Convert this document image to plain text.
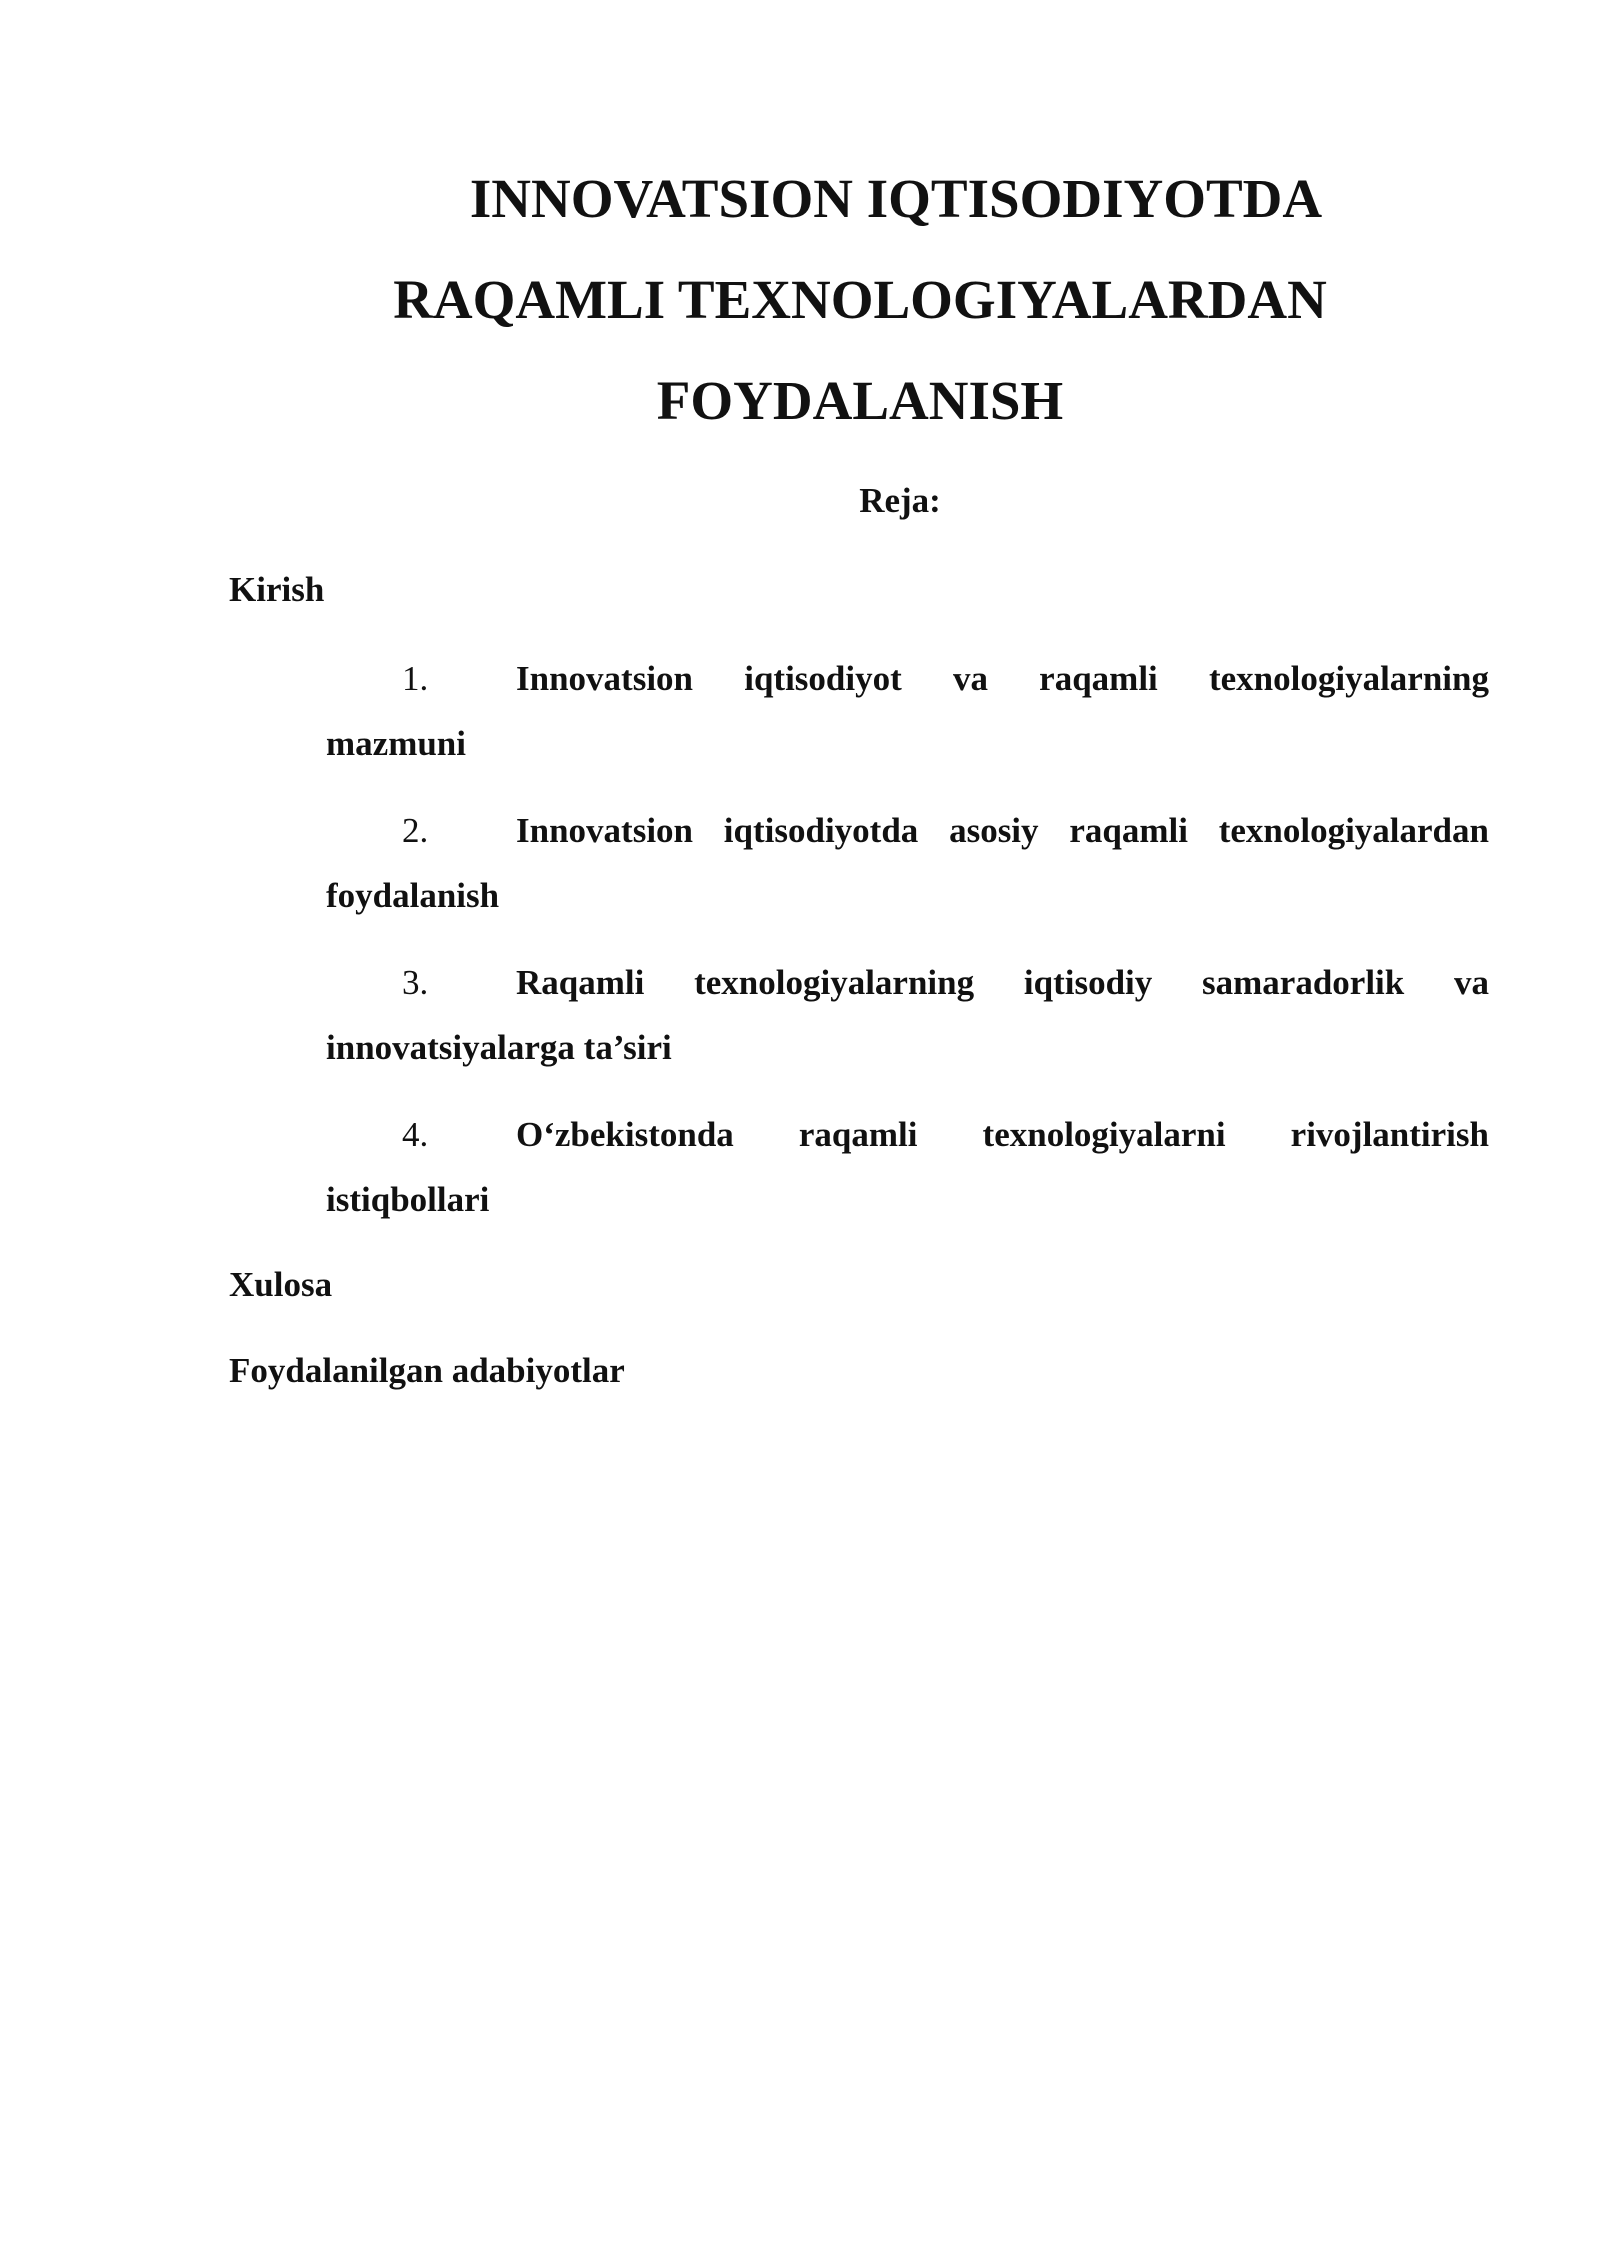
INNOVATSION IQTISODIYOTDA
RAQAMLI TEXNOLOGIYALARDAN
FOYDALANISH
Reja:
Kirish
1.	Innovatsion iqtisodiyot va raqamli texnologiyalarning
mazmuni
2.	Innovatsion iqtisodiyotda asosiy raqamli texnologiyalardan
foydalanish
3.	Raqamli texnologiyalarning iqtisodiy samaradorlik va
innovatsiyalarga ta’siri
4.	O‘zbekistonda raqamli texnologiyalarni rivojlantirish
istiqbollari
Xulosa
Foydalanilgan adabiyotlar
